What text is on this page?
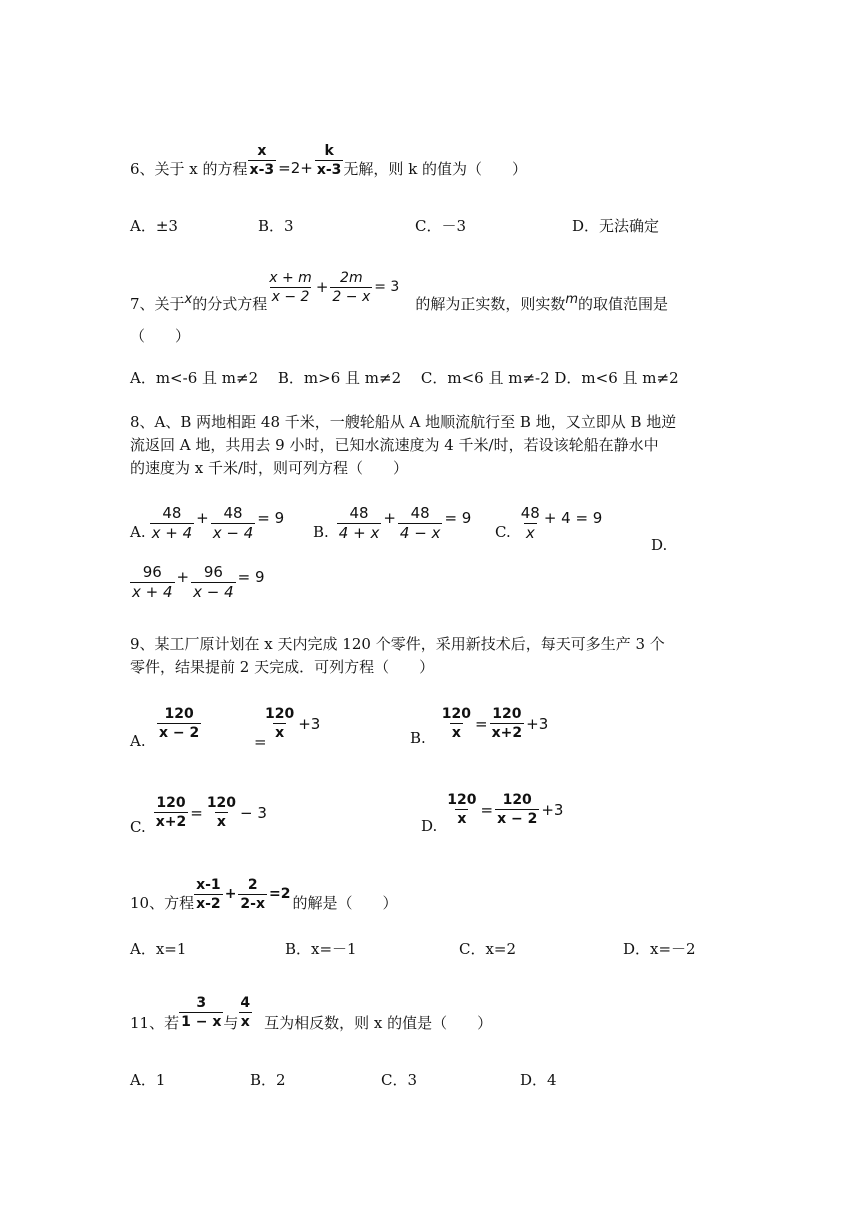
6、关于 x 的方程 $\frac{x}{x-3} =2+ \frac{k}{x-3}$ 无解，则 k 的值为（　　）
A．±3	B．3	C．－3	D．无法确定
7、关于 x 的分式方程 $\frac{x + m}{x - 2} + \frac{2m}{2 - x} = 3$
的解为正实数，则实数 m 的取值范围是
（　　）
A．m<-6 且 m≠2　 B．m>6 且 m≠2　 C．m<6 且 m≠-2 D．m<6 且 m≠2
8、A、B 两地相距 48 千米，一艘轮船从 A 地顺流航行至 B 地，又立即从 B 地逆
流返回 A 地，共用去 9 小时，已知水流速度为 4 千米/时，若设该轮船在静水中
的速度为 x 千米/时，则可列方程（　　）
A. $\frac{48}{x + 4} + \frac{48}{x - 4} = 9$
B. $\frac{48}{4 + x} + \frac{48}{4 - x} = 9$
C. $\frac{48}{x} + 4 = 9$
D.
$\frac{96}{x + 4} + \frac{96}{x - 4} = 9$
9、某工厂原计划在 x 天内完成 120 个零件，采用新技术后，每天可多生产 3 个
零件，结果提前 2 天完成．可列方程（　　）
A.
$\frac{120}{x - 2}$
=
$\frac{120}{x} +3$
B. $\frac{120}{x} = \frac{120}{x+2} +3$
C. $\frac{120}{x+2} = \frac{120}{x} - 3$
D. $\frac{120}{x} = \frac{120}{x - 2} +3$
10、方程 $\frac{x-1}{x-2} + \frac{2}{2-x} =2$ 的解是（　　）
A．x=1	B．x=－1	C．x=2	D．x=－2
11、若 $\frac{3}{1 - x}$ 与 $\frac{4}{x}$ 互为相反数，则 x 的值是（　　）
A．1	B．2	C．3	D．4
